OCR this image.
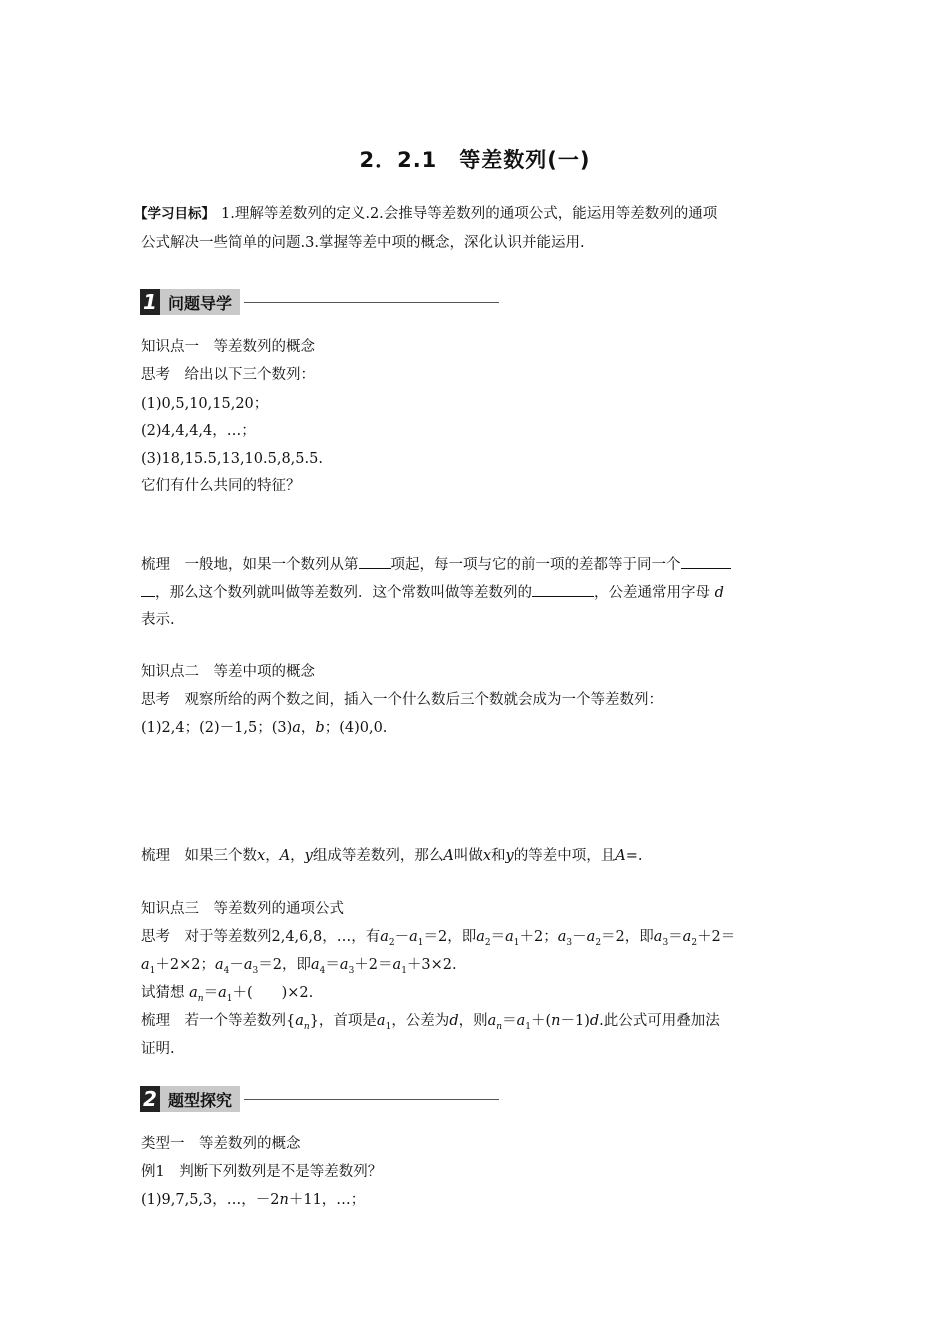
2．2.1　等差数列(一)
【学习目标】 1.理解等差数列的定义.2.会推导等差数列的通项公式，能运用等差数列的通项
公式解决一些简单的问题.3.掌握等差中项的概念，深化认识并能运用.
1 问题导学
知识点一　等差数列的概念
思考　给出以下三个数列：
(1)0,5,10,15,20；
(2)4,4,4,4，…；
(3)18,15.5,13,10.5,8,5.5.
它们有什么共同的特征？
梳理　一般地，如果一个数列从第 项起，每一项与它的前一项的差都等于同一个
，那么这个数列就叫做等差数列．这个常数叫做等差数列的	，公差通常用字母 d
表示.
知识点二　等差中项的概念
思考　观察所给的两个数之间，插入一个什么数后三个数就会成为一个等差数列：
(1)2,4；(2)－1,5；(3)a，b；(4)0,0.
梳理　如果三个数x，A，y组成等差数列，那么A叫做x和y的等差中项，且A=.
知识点三　等差数列的通项公式
思考　对于等差数列2,4,6,8，…，有$a_2-a_1=2$，即$a_2=a_1+2$；$a_3-a_2=2$，即$a_3=a_2+2=$
$a_1+2\times 2$；$a_4-a_3=2$，即$a_4=a_3+2=a_1+3\times 2$.
试猜想 $a_n=a_1+$(　　)×2.
梳理　若一个等差数列$\{a_n\}$，首项是$a_1$，公差为d，则$a_n=a_1+(n-1)d$.此公式可用叠加法
证明.
2 题型探究
类型一　等差数列的概念
例1　判断下列数列是不是等差数列？
(1)9,7,5,3，…，－2n＋11，…；
